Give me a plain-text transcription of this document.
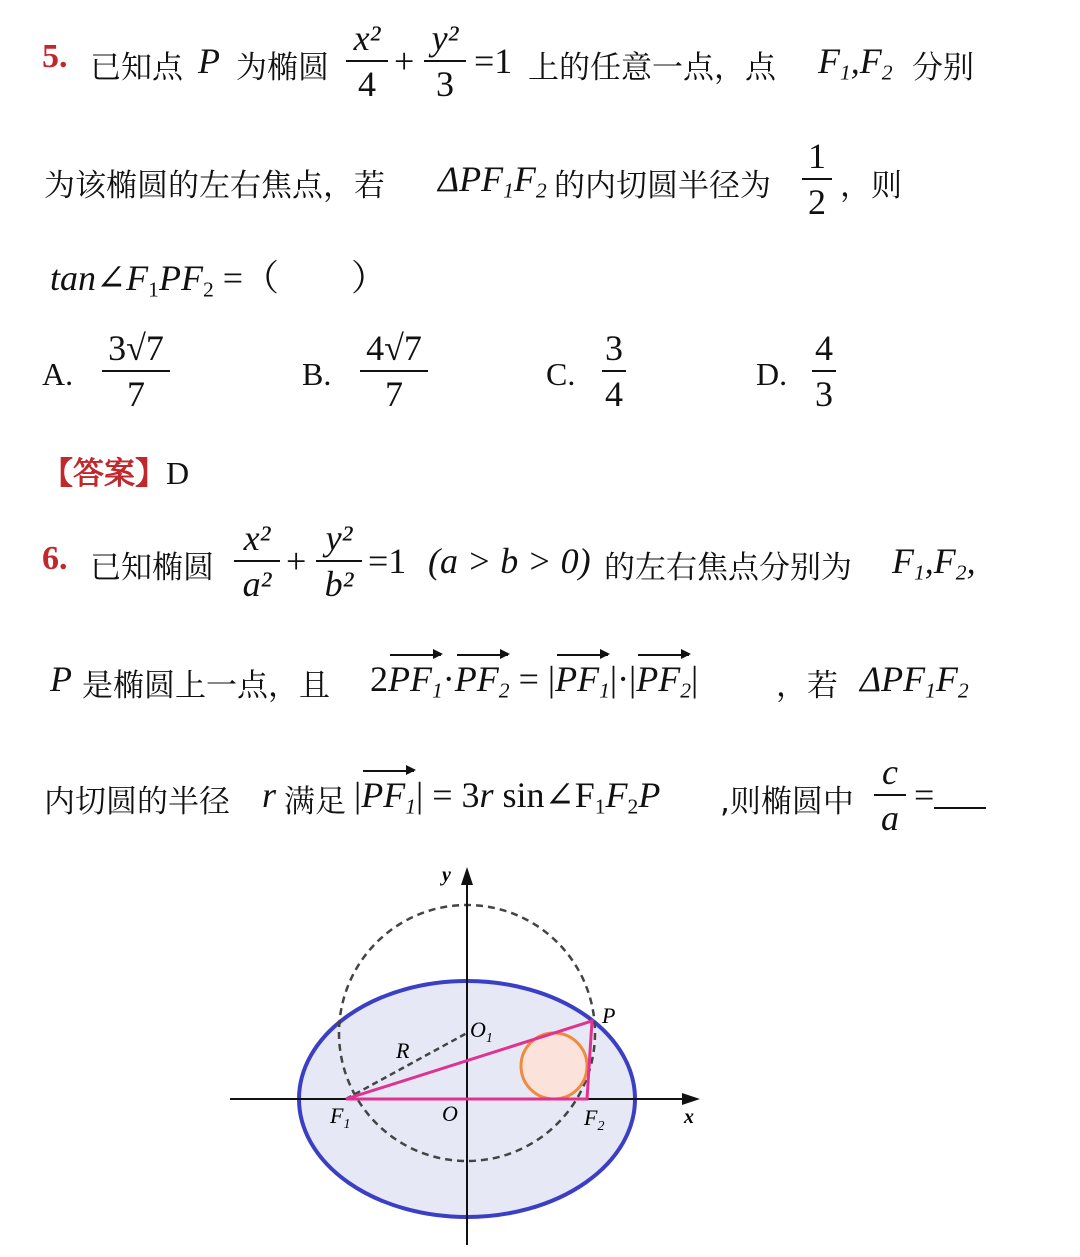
5. 已知点 P 为椭圆
x²
4
+
y²
3
=1 上的任意一点，点 $F_1,F_2$ 分别
为该椭圆的左右焦点，若 $\Delta PF_1F_2$ 的内切圆半径为
1
2 ，则
$\tan\angle F_1PF_2$ =（　　）
A.
3√7
7	B.
4√7
7	C.
3
4	D.
4
3
【答案】D
6. 已知椭圆
x²
a²
+
y²
b²
=1 (a > b > 0) 的左右焦点分别为 $F_1,F_2$,
P 是椭圆上一点，且 $2PF_1\cdot PF_2 = |PF_1|\cdot|PF_2|$	，若 $\Delta PF_1F_2$
内切圆的半径 r 满足 $|PF_1| = 3r$ $\sin\angle F_1F_2P$ ,则椭圆中
c
a
=
y
x
P
$O_1$
R
O
$F_1$	$F_2$
